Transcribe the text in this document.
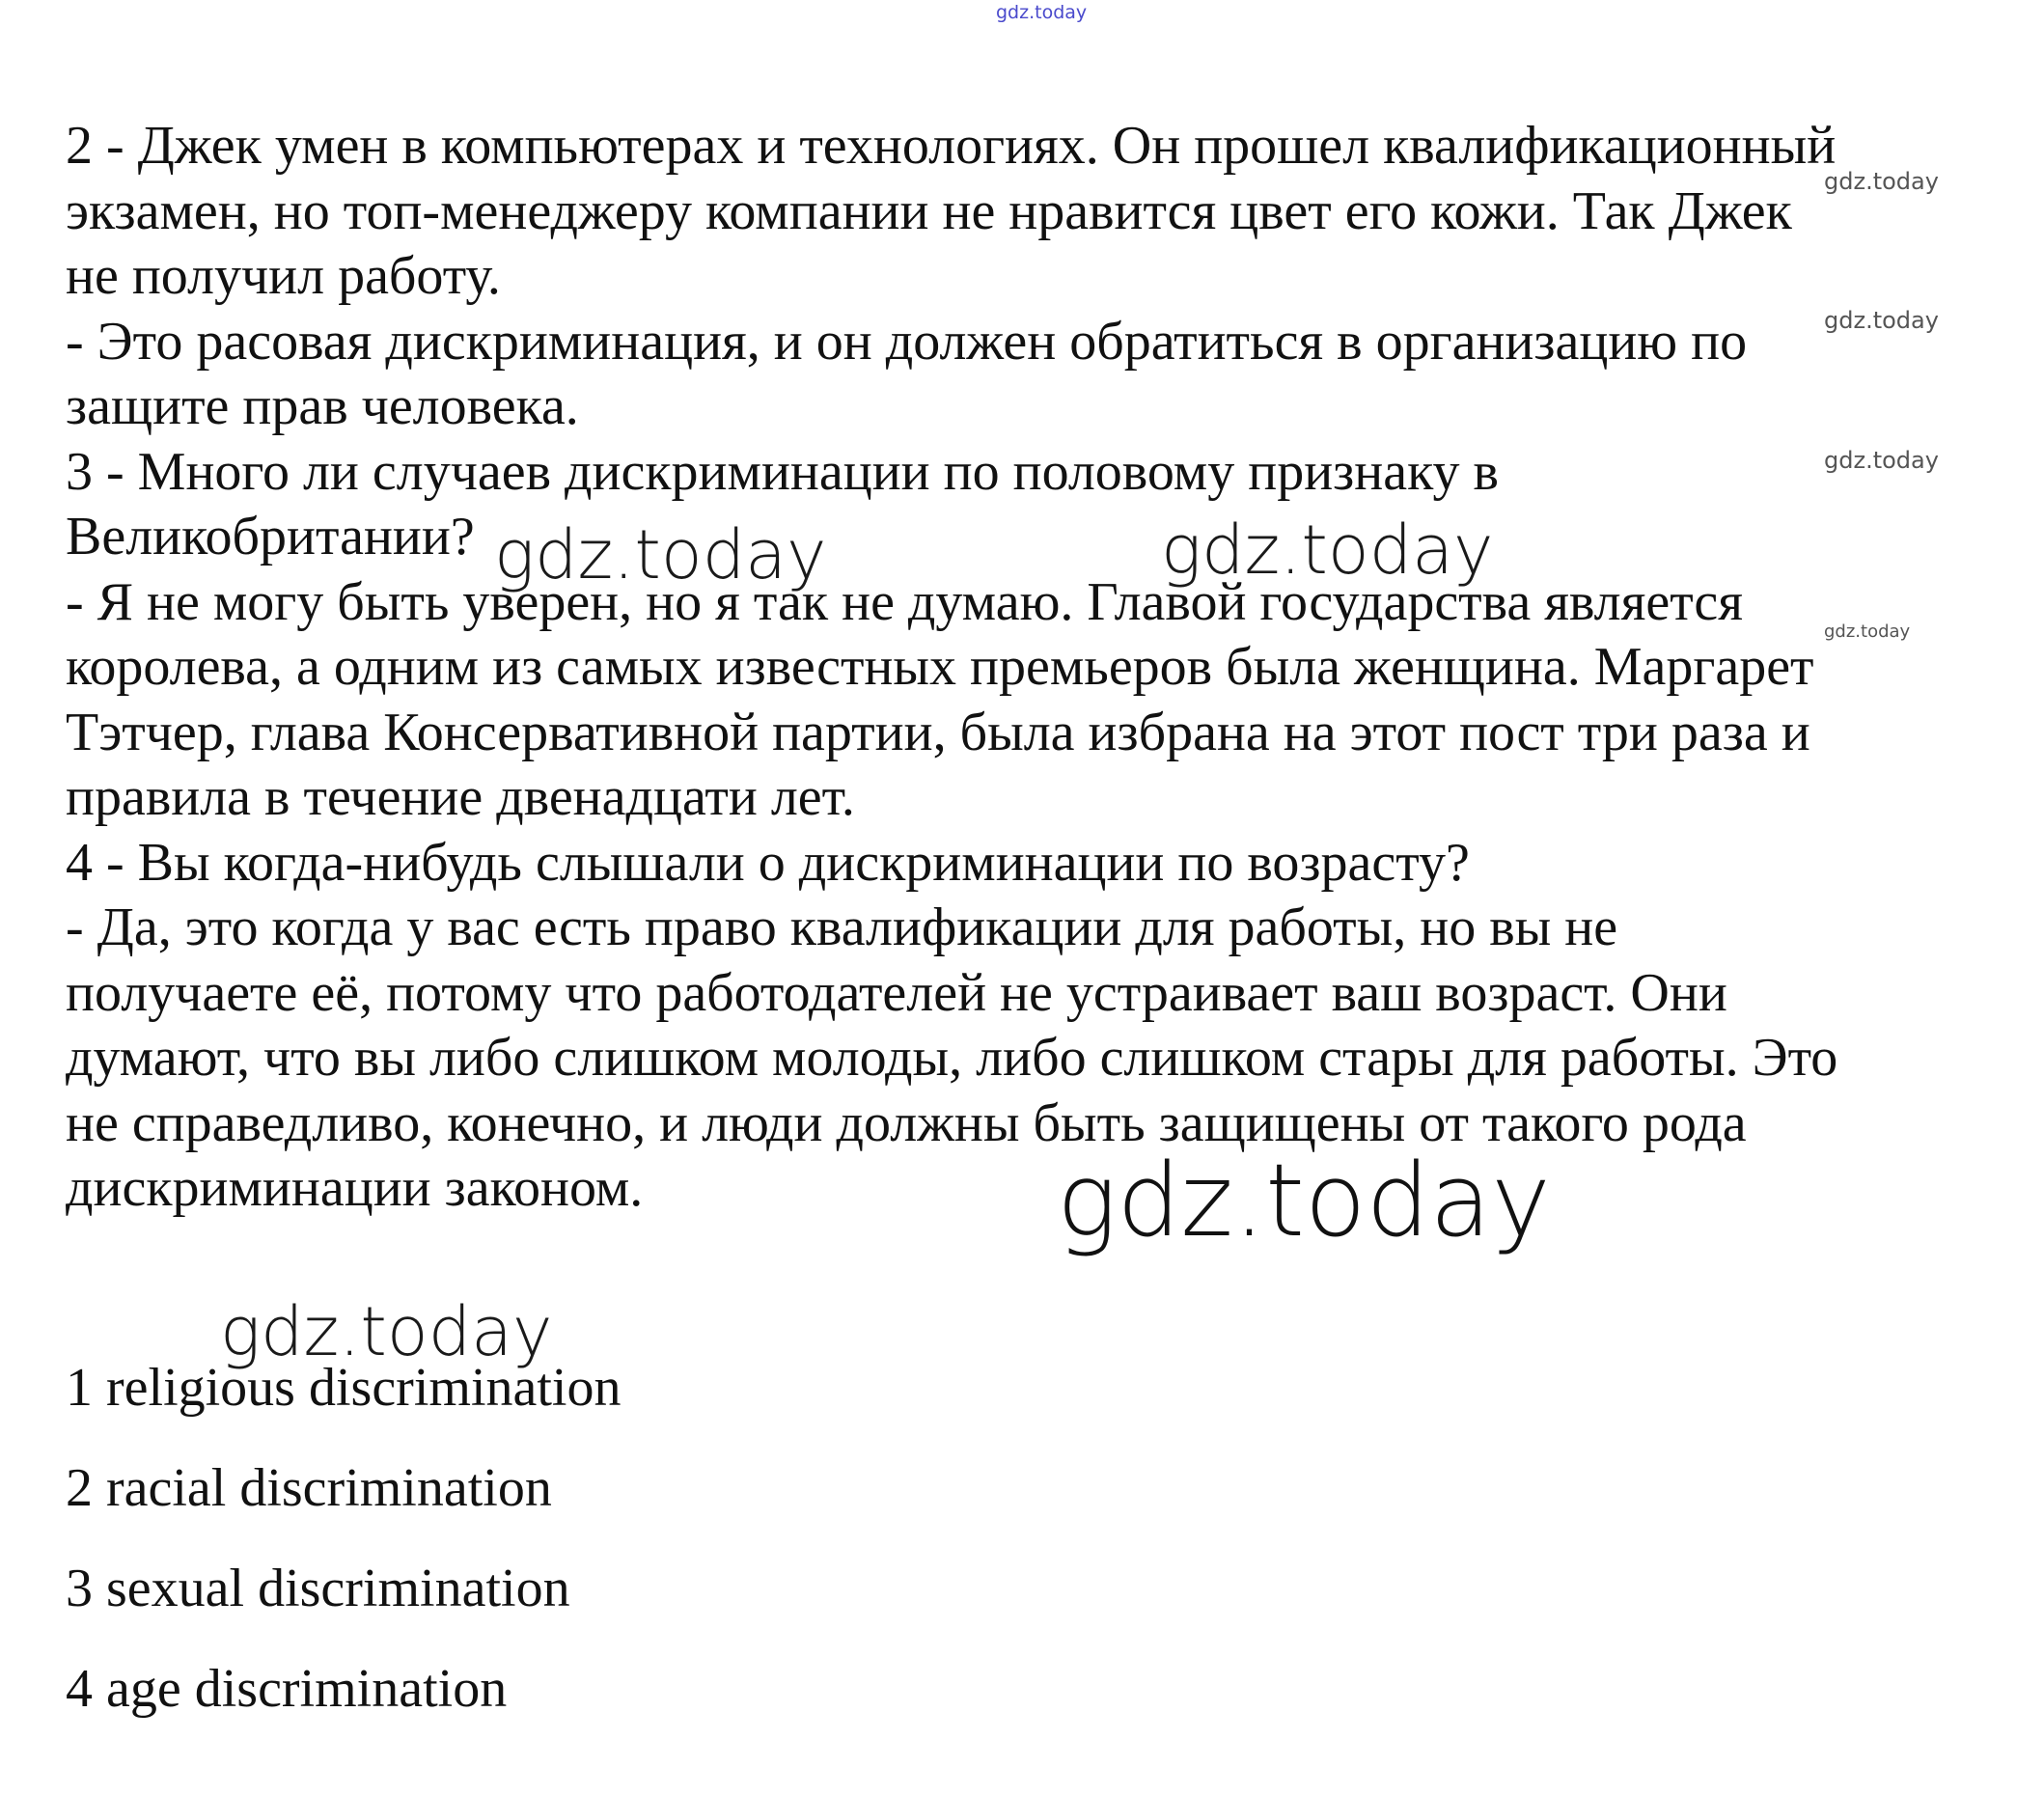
gdz.today
2 - Джек умен в компьютерах и технологиях. Он прошел квалификационный
экзамен, но топ-менеджеру компании не нравится цвет его кожи. Так Джек
не получил работу.
- Это расовая дискриминация, и он должен обратиться в организацию по
защите прав человека.
3 - Много ли случаев дискриминации по половому признаку в
Великобритании?
- Я не могу быть уверен, но я так не думаю. Главой государства является
королева, а одним из самых известных премьеров была женщина. Маргарет
Тэтчер, глава Консервативной партии, была избрана на этот пост три раза и
правила в течение двенадцати лет.
4 - Вы когда-нибудь слышали о дискриминации по возрасту?
- Да, это когда у вас есть право квалификации для работы, но вы не
получаете её, потому что работодателей не устраивает ваш возраст. Они
думают, что вы либо слишком молоды, либо слишком стары для работы. Это
не справедливо, конечно, и люди должны быть защищены от такого рода
дискриминации законом.
1 religious discrimination
2 racial discrimination
3 sexual discrimination
4 age discrimination
gdz.today
gdz.today
gdz.today
gdz.today
gdz.today	gdz.today
gdz.today
gdz.today
